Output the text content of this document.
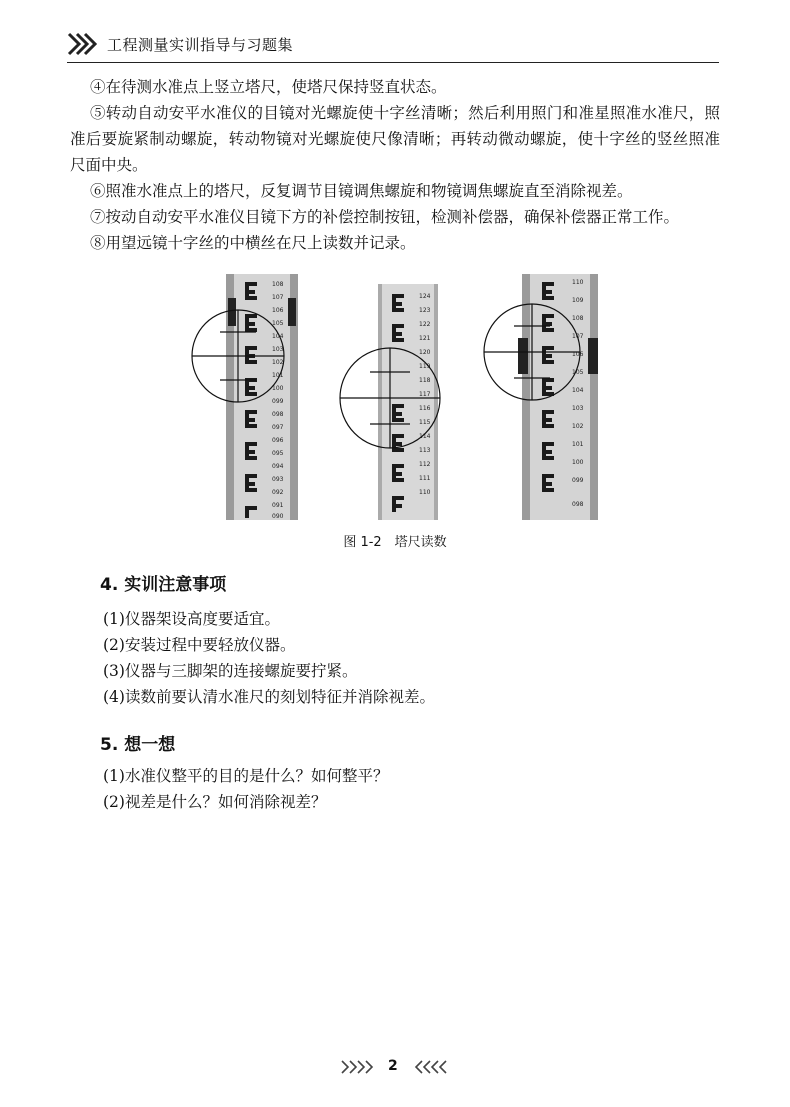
工程测量实训指导与习题集

④在待测水准点上竖立塔尺，使塔尺保持竖直状态。

⑤转动自动安平水准仪的目镜对光螺旋使十字丝清晰；然后利用照门和准星照准水准尺，照准后要旋紧制动螺旋，转动物镜对光螺旋使尺像清晰；再转动微动螺旋，使十字丝的竖丝照准尺面中央。

⑥照准水准点上的塔尺，反复调节目镜调焦螺旋和物镜调焦螺旋直至消除视差。

⑦按动自动安平水准仪目镜下方的补偿控制按钮，检测补偿器，确保补偿器正常工作。

⑧用望远镜十字丝的中横丝在尺上读数并记录。

108
107
106
105
104
103
102
101
100
099
098
097
096
095
094
093
092
091
090
124
123
122
121
120
119
118
117
116
115
114
113
112
111
110
110
109
108
107
106
105
104
103
102
101
100
099
098
图 1-2　塔尺读数
4. 实训注意事项

(1)仪器架设高度要适宜。

(2)安装过程中要轻放仪器。

(3)仪器与三脚架的连接螺旋要拧紧。

(4)读数前要认清水准尺的刻划特征并消除视差。

5. 想一想

(1)水准仪整平的目的是什么？如何整平？

(2)视差是什么？如何消除视差？

2
